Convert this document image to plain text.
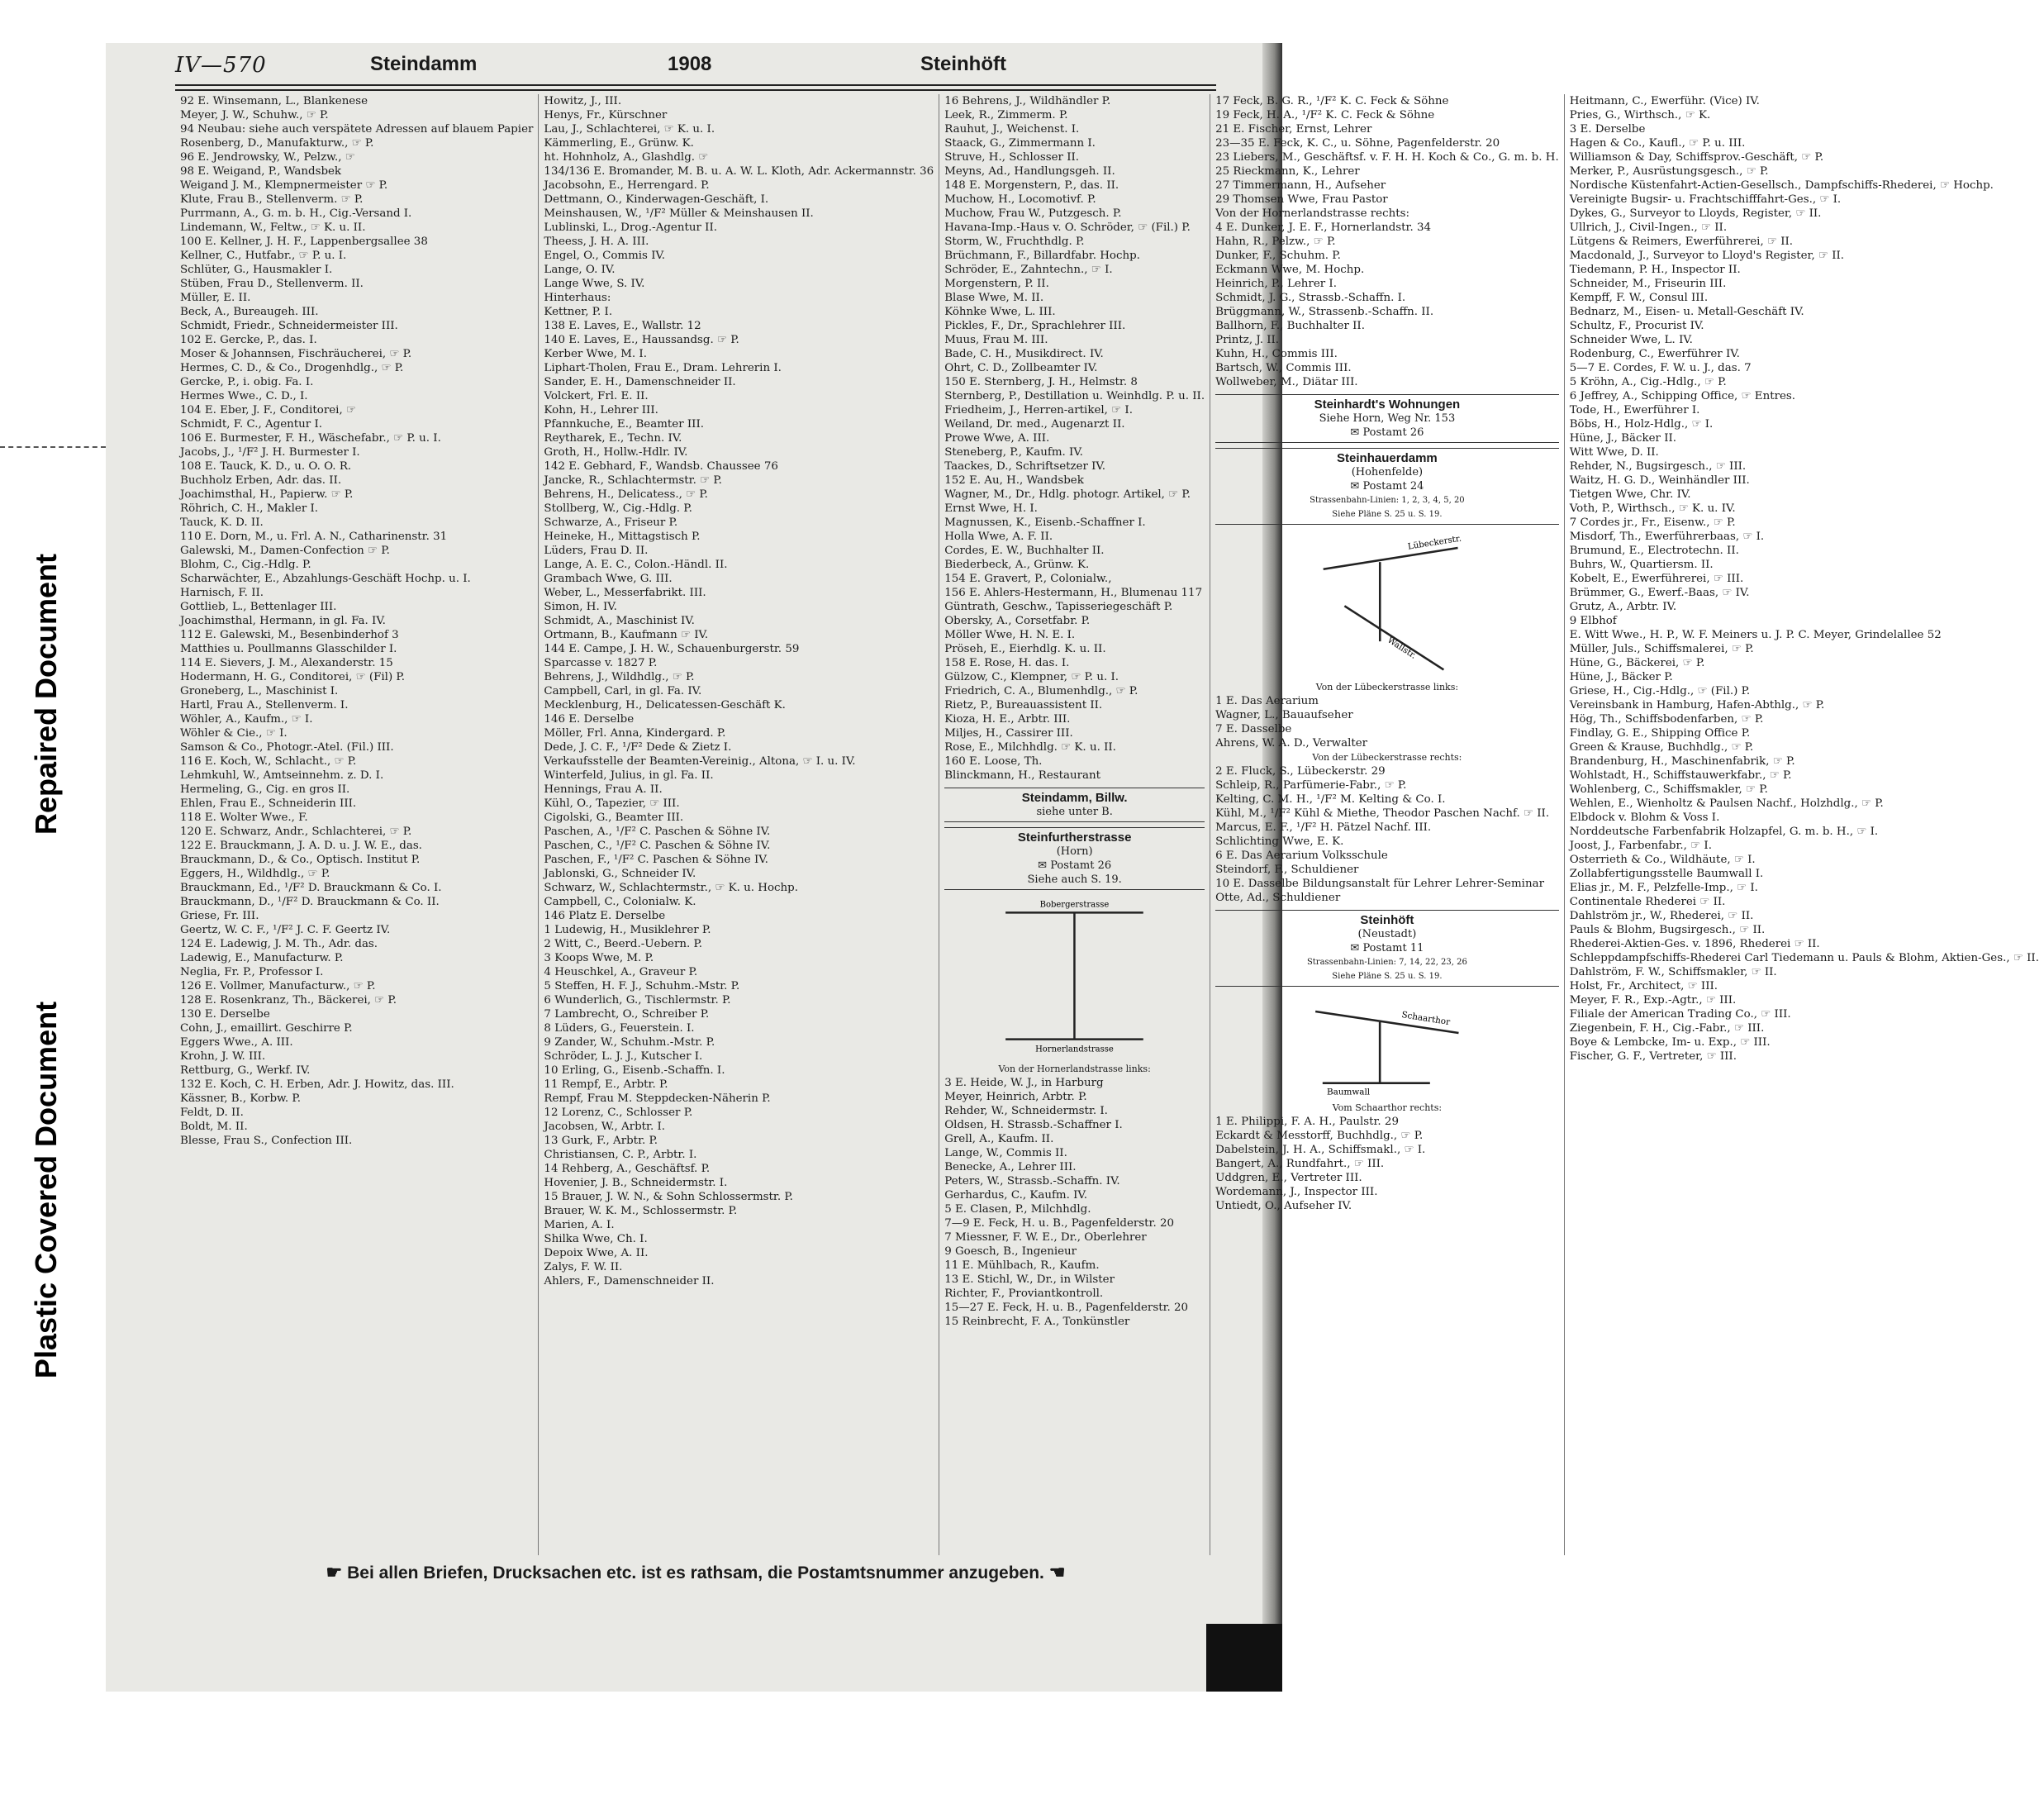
Repaired Document
Plastic Covered Document
IV—570	Steindamm	1908	Steinhöft
92 E. Winsemann, L., Blankenese
Meyer, J. W., Schuhw., ☞ P.
94 Neubau: siehe auch verspätete Adressen auf blauem Papier
Rosenberg, D., Manufakturw., ☞ P.
96 E. Jendrowsky, W., Pelzw., ☞
98 E. Weigand, P., Wandsbek
Weigand J. M., Klempnermeister ☞ P.
Klute, Frau B., Stellenverm. ☞ P.
Purrmann, A., G. m. b. H., Cig.-Versand I.
Lindemann, W., Feltw., ☞ K. u. II.
100 E. Kellner, J. H. F., Lappenbergsallee 38
Kellner, C., Hutfabr., ☞ P. u. I.
Schlüter, G., Hausmakler I.
Stüben, Frau D., Stellenverm. II.
Müller, E. II.
Beck, A., Bureaugeh. III.
Schmidt, Friedr., Schneidermeister III.
102 E. Gercke, P., das. I.
Moser & Johannsen, Fischräucherei, ☞ P.
Hermes, C. D., & Co., Drogenhdlg., ☞ P.
Gercke, P., i. obig. Fa. I.
Hermes Wwe., C. D., I.
104 E. Eber, J. F., Conditorei, ☞
Schmidt, F. C., Agentur I.
106 E. Burmester, F. H., Wäschefabr., ☞ P. u. I.
Jacobs, J., ¹/F² J. H. Burmester I.
108 E. Tauck, K. D., u. O. O. R.
Buchholz Erben, Adr. das. II.
Joachimsthal, H., Papierw. ☞ P.
Röhrich, C. H., Makler I.
Tauck, K. D. II.
110 E. Dorn, M., u. Frl. A. N., Catharinenstr. 31
Galewski, M., Damen-Confection ☞ P.
Blohm, C., Cig.-Hdlg. P.
Scharwächter, E., Abzahlungs-Geschäft Hochp. u. I.
Harnisch, F. II.
Gottlieb, L., Bettenlager III.
Joachimsthal, Hermann, in gl. Fa. IV.
112 E. Galewski, M., Besenbinderhof 3
Matthies u. Poullmanns Glasschilder I.
114 E. Sievers, J. M., Alexanderstr. 15
Hodermann, H. G., Conditorei, ☞ (Fil) P.
Groneberg, L., Maschinist I.
Hartl, Frau A., Stellenverm. I.
Wöhler, A., Kaufm., ☞ I.
Wöhler & Cie., ☞ I.
Samson & Co., Photogr.-Atel. (Fil.) III.
116 E. Koch, W., Schlacht., ☞ P.
Lehmkuhl, W., Amtseinnehm. z. D. I.
Hermeling, G., Cig. en gros II.
Ehlen, Frau E., Schneiderin III.
118 E. Wolter Wwe., F.
120 E. Schwarz, Andr., Schlachterei, ☞ P.
122 E. Brauckmann, J. A. D. u. J. W. E., das.
Brauckmann, D., & Co., Optisch. Institut P.
Eggers, H., Wildhdlg., ☞ P.
Brauckmann, Ed., ¹/F² D. Brauckmann & Co. I.
Brauckmann, D., ¹/F² D. Brauckmann & Co. II.
Griese, Fr. III.
Geertz, W. C. F., ¹/F² J. C. F. Geertz IV.
124 E. Ladewig, J. M. Th., Adr. das.
Ladewig, E., Manufacturw. P.
Neglia, Fr. P., Professor I.
126 E. Vollmer, Manufacturw., ☞ P.
128 E. Rosenkranz, Th., Bäckerei, ☞ P.
130 E. Derselbe
Cohn, J., emaillirt. Geschirre P.
Eggers Wwe., A. III.
Krohn, J. W. III.
Rettburg, G., Werkf. IV.
132 E. Koch, C. H. Erben, Adr. J. Howitz, das. III.
Kässner, B., Korbw. P.
Feldt, D. II.
Boldt, M. II.
Blesse, Frau S., Confection III.
Howitz, J., III.
Henys, Fr., Kürschner
Lau, J., Schlachterei, ☞ K. u. I.
Kämmerling, E., Grünw. K.
ht. Hohnholz, A., Glashdlg. ☞
134/136 E. Bromander, M. B. u. A. W. L. Kloth, Adr. Ackermannstr. 36
Jacobsohn, E., Herrengard. P.
Dettmann, O., Kinderwagen-Geschäft, I.
Meinshausen, W., ¹/F² Müller & Meinshausen II.
Lublinski, L., Drog.-Agentur II.
Theess, J. H. A. III.
Engel, O., Commis IV.
Lange, O. IV.
Lange Wwe, S. IV.
Hinterhaus:
Kettner, P. I.
138 E. Laves, E., Wallstr. 12
140 E. Laves, E., Haussandsg. ☞ P.
Kerber Wwe, M. I.
Liphart-Tholen, Frau E., Dram. Lehrerin I.
Sander, E. H., Damenschneider II.
Volckert, Frl. E. II.
Kohn, H., Lehrer III.
Pfannkuche, E., Beamter III.
Reytharek, E., Techn. IV.
Groth, H., Hollw.-Hdlr. IV.
142 E. Gebhard, F., Wandsb. Chaussee 76
Jancke, R., Schlachtermstr. ☞ P.
Behrens, H., Delicatess., ☞ P.
Stollberg, W., Cig.-Hdlg. P.
Schwarze, A., Friseur P.
Heineke, H., Mittagstisch P.
Lüders, Frau D. II.
Lange, A. E. C., Colon.-Händl. II.
Grambach Wwe, G. III.
Weber, L., Messerfabrikt. III.
Simon, H. IV.
Schmidt, A., Maschinist IV.
Ortmann, B., Kaufmann ☞ IV.
144 E. Campe, J. H. W., Schauenburgerstr. 59
Sparcasse v. 1827 P.
Behrens, J., Wildhdlg., ☞ P.
Campbell, Carl, in gl. Fa. IV.
Mecklenburg, H., Delicatessen-Geschäft K.
146 E. Derselbe
Möller, Frl. Anna, Kindergard. P.
Dede, J. C. F., ¹/F² Dede & Zietz I.
Verkaufsstelle der Beamten-Vereinig., Altona, ☞ I. u. IV.
Winterfeld, Julius, in gl. Fa. II.
Hennings, Frau A. II.
Kühl, O., Tapezier, ☞ III.
Cigolski, G., Beamter III.
Paschen, A., ¹/F² C. Paschen & Söhne IV.
Paschen, C., ¹/F² C. Paschen & Söhne IV.
Paschen, F., ¹/F² C. Paschen & Söhne IV.
Jablonski, G., Schneider IV.
Schwarz, W., Schlachtermstr., ☞ K. u. Hochp.
Campbell, C., Colonialw. K.
146 Platz E. Derselbe
1 Ludewig, H., Musiklehrer P.
2 Witt, C., Beerd.-Uebern. P.
3 Koops Wwe, M. P.
4 Heuschkel, A., Graveur P.
5 Steffen, H. F. J., Schuhm.-Mstr. P.
6 Wunderlich, G., Tischlermstr. P.
7 Lambrecht, O., Schreiber P.
8 Lüders, G., Feuerstein. I.
9 Zander, W., Schuhm.-Mstr. P.
Schröder, L. J. J., Kutscher I.
10 Erling, G., Eisenb.-Schaffn. I.
11 Rempf, E., Arbtr. P.
Rempf, Frau M. Steppdecken-Näherin P.
12 Lorenz, C., Schlosser P.
Jacobsen, W., Arbtr. I.
13 Gurk, F., Arbtr. P.
Christiansen, C. P., Arbtr. I.
14 Rehberg, A., Geschäftsf. P.
Hovenier, J. B., Schneidermstr. I.
15 Brauer, J. W. N., & Sohn Schlossermstr. P.
Brauer, W. K. M., Schlossermstr. P.
Marien, A. I.
Shilka Wwe, Ch. I.
Depoix Wwe, A. II.
Zalys, F. W. II.
Ahlers, F., Damenschneider II.
16 Behrens, J., Wildhändler P.
Leek, R., Zimmerm. P.
Rauhut, J., Weichenst. I.
Staack, G., Zimmermann I.
Struve, H., Schlosser II.
Meyns, Ad., Handlungsgeh. II.
148 E. Morgenstern, P., das. II.
Muchow, H., Locomotivf. P.
Muchow, Frau W., Putzgesch. P.
Havana-Imp.-Haus v. O. Schröder, ☞ (Fil.) P.
Storm, W., Fruchthdlg. P.
Brüchmann, F., Billardfabr. Hochp.
Schröder, E., Zahntechn., ☞ I.
Morgenstern, P. II.
Blase Wwe, M. II.
Köhnke Wwe, L. III.
Pickles, F., Dr., Sprachlehrer III.
Muus, Frau M. III.
Bade, C. H., Musikdirect. IV.
Ohrt, C. D., Zollbeamter IV.
150 E. Sternberg, J. H., Helmstr. 8
Sternberg, P., Destillation u. Weinhdlg. P. u. II.
Friedheim, J., Herren-artikel, ☞ I.
Weiland, Dr. med., Augenarzt II.
Prowe Wwe, A. III.
Steneberg, P., Kaufm. IV.
Taackes, D., Schriftsetzer IV.
152 E. Au, H., Wandsbek
Wagner, M., Dr., Hdlg. photogr. Artikel, ☞ P.
Ernst Wwe, H. I.
Magnussen, K., Eisenb.-Schaffner I.
Holla Wwe, A. F. II.
Cordes, E. W., Buchhalter II.
Biederbeck, A., Grünw. K.
154 E. Gravert, P., Colonialw.,
156 E. Ahlers-Hestermann, H., Blumenau 117
Güntrath, Geschw., Tapisseriegeschäft P.
Obersky, A., Corsetfabr. P.
Möller Wwe, H. N. E. I.
Pröseh, E., Eierhdlg. K. u. II.
158 E. Rose, H. das. I.
Gülzow, C., Klempner, ☞ P. u. I.
Friedrich, C. A., Blumenhdlg., ☞ P.
Rietz, P., Bureauassistent II.
Kioza, H. E., Arbtr. III.
Miljes, H., Cassirer III.
Rose, E., Milchhdlg. ☞ K. u. II.
160 E. Loose, Th.
Blinckmann, H., Restaurant
Steindamm, Billw.
siehe unter B.
Steinfurtherstrasse
(Horn)
✉ Postamt 26
Siehe auch S. 19.
Bobergerstrasse
Hornerlandstrasse
Von der Hornerlandstrasse links:
3 E. Heide, W. J., in Harburg
Meyer, Heinrich, Arbtr. P.
Rehder, W., Schneidermstr. I.
Oldsen, H. Strassb.-Schaffner I.
Grell, A., Kaufm. II.
Lange, W., Commis II.
Benecke, A., Lehrer III.
Peters, W., Strassb.-Schaffn. IV.
Gerhardus, C., Kaufm. IV.
5 E. Clasen, P., Milchhdlg.
7—9 E. Feck, H. u. B., Pagenfelderstr. 20
7 Miessner, F. W. E., Dr., Oberlehrer
9 Goesch, B., Ingenieur
11 E. Mühlbach, R., Kaufm.
13 E. Stichl, W., Dr., in Wilster
Richter, F., Proviantkontroll.
15—27 E. Feck, H. u. B., Pagenfelderstr. 20
15 Reinbrecht, F. A., Tonkünstler
17 Feck, B. G. R., ¹/F² K. C. Feck & Söhne
19 Feck, H. A., ¹/F² K. C. Feck & Söhne
21 E. Fischer, Ernst, Lehrer
23—35 E. Feck, K. C., u. Söhne, Pagenfelderstr. 20
23 Liebers, M., Geschäftsf. v. F. H. H. Koch & Co., G. m. b. H.
25 Rieckmann, K., Lehrer
27 Timmermann, H., Aufseher
29 Thomsen Wwe, Frau Pastor
Von der Hornerlandstrasse rechts:
4 E. Dunker, J. E. F., Hornerlandstr. 34
Hahn, R., Pelzw., ☞ P.
Dunker, F., Schuhm. P.
Eckmann Wwe, M. Hochp.
Heinrich, P., Lehrer I.
Schmidt, J. G., Strassb.-Schaffn. I.
Brüggmann, W., Strassenb.-Schaffn. II.
Ballhorn, F., Buchhalter II.
Printz, J. II.
Kuhn, H., Commis III.
Bartsch, W., Commis III.
Wollweber, M., Diätar III.
Steinhardt's Wohnungen
Siehe Horn, Weg Nr. 153
✉ Postamt 26
Steinhauerdamm
(Hohenfelde)
✉ Postamt 24
Strassenbahn-Linien: 1, 2, 3, 4, 5, 20
Siehe Pläne S. 25 u. S. 19.
Lübeckerstr.
Wallstr.
Von der Lübeckerstrasse links:
1 E. Das Aerarium
Wagner, L., Bauaufseher
7 E. Dasselbe
Ahrens, W. A. D., Verwalter
Von der Lübeckerstrasse rechts:
2 E. Fluck, S., Lübeckerstr. 29
Schleip, R., Parfümerie-Fabr., ☞ P.
Kelting, C. M. H., ¹/F² M. Kelting & Co. I.
Kühl, M., ¹/F² Kühl & Miethe, Theodor Paschen Nachf. ☞ II.
Marcus, E. F., ¹/F² H. Pätzel Nachf. III.
Schlichting Wwe, E. K.
6 E. Das Aerarium Volksschule
Steindorf, F., Schuldiener
10 E. Dasselbe Bildungsanstalt für Lehrer Lehrer-Seminar
Otte, Ad., Schuldiener
Steinhöft
(Neustadt)
✉ Postamt 11
Strassenbahn-Linien: 7, 14, 22, 23, 26
Siehe Pläne S. 25 u. S. 19.
Schaarthor
Baumwall
Vom Schaarthor rechts:
1 E. Philippi, F. A. H., Paulstr. 29
Eckardt & Messtorff, Buchhdlg., ☞ P.
Dabelstein, J. H. A., Schiffsmakl., ☞ I.
Bangert, A., Rundfahrt., ☞ III.
Uddgren, E., Vertreter III.
Wordemann, J., Inspector III.
Untiedt, O., Aufseher IV.
Heitmann, C., Ewerführ. (Vice) IV.
Pries, G., Wirthsch., ☞ K.
3 E. Derselbe
Hagen & Co., Kaufl., ☞ P. u. III.
Williamson & Day, Schiffsprov.-Geschäft, ☞ P.
Merker, P., Ausrüstungsgesch., ☞ P.
Nordische Küstenfahrt-Actien-Gesellsch., Dampfschiffs-Rhederei, ☞ Hochp.
Vereinigte Bugsir- u. Frachtschifffahrt-Ges., ☞ I.
Dykes, G., Surveyor to Lloyds, Register, ☞ II.
Ullrich, J., Civil-Ingen., ☞ II.
Lütgens & Reimers, Ewerführerei, ☞ II.
Macdonald, J., Surveyor to Lloyd's Register, ☞ II.
Tiedemann, P. H., Inspector II.
Schneider, M., Friseurin III.
Kempff, F. W., Consul III.
Bednarz, M., Eisen- u. Metall-Geschäft IV.
Schultz, F., Procurist IV.
Schneider Wwe, L. IV.
Rodenburg, C., Ewerführer IV.
5—7 E. Cordes, F. W. u. J., das. 7
5 Kröhn, A., Cig.-Hdlg., ☞ P.
6 Jeffrey, A., Schipping Office, ☞ Entres.
Tode, H., Ewerführer I.
Böbs, H., Holz-Hdlg., ☞ I.
Hüne, J., Bäcker II.
Witt Wwe, D. II.
Rehder, N., Bugsirgesch., ☞ III.
Waitz, H. G. D., Weinhändler III.
Tietgen Wwe, Chr. IV.
Voth, P., Wirthsch., ☞ K. u. IV.
7 Cordes jr., Fr., Eisenw., ☞ P.
Misdorf, Th., Ewerführerbaas, ☞ I.
Brumund, E., Electrotechn. II.
Buhrs, W., Quartiersm. II.
Kobelt, E., Ewerführerei, ☞ III.
Brümmer, G., Ewerf.-Baas, ☞ IV.
Grutz, A., Arbtr. IV.
9 Elbhof
E. Witt Wwe., H. P., W. F. Meiners u. J. P. C. Meyer, Grindelallee 52
Müller, Juls., Schiffsmalerei, ☞ P.
Hüne, G., Bäckerei, ☞ P.
Hüne, J., Bäcker P.
Griese, H., Cig.-Hdlg., ☞ (Fil.) P.
Vereinsbank in Hamburg, Hafen-Abthlg., ☞ P.
Hög, Th., Schiffsbodenfarben, ☞ P.
Findlay, G. E., Shipping Office P.
Green & Krause, Buchhdlg., ☞ P.
Brandenburg, H., Maschinenfabrik, ☞ P.
Wohlstadt, H., Schiffstauwerkfabr., ☞ P.
Wohlenberg, C., Schiffsmakler, ☞ P.
Wehlen, E., Wienholtz & Paulsen Nachf., Holzhdlg., ☞ P.
Elbdock v. Blohm & Voss I.
Norddeutsche Farbenfabrik Holzapfel, G. m. b. H., ☞ I.
Joost, J., Farbenfabr., ☞ I.
Osterrieth & Co., Wildhäute, ☞ I.
Zollabfertigungsstelle Baumwall I.
Elias jr., M. F., Pelzfelle-Imp., ☞ I.
Continentale Rhederei ☞ II.
Dahlström jr., W., Rhederei, ☞ II.
Pauls & Blohm, Bugsirgesch., ☞ II.
Rhederei-Aktien-Ges. v. 1896, Rhederei ☞ II.
Schleppdampfschiffs-Rhederei Carl Tiedemann u. Pauls & Blohm, Aktien-Ges., ☞ II.
Dahlström, F. W., Schiffsmakler, ☞ II.
Holst, Fr., Architect, ☞ III.
Meyer, F. R., Exp.-Agtr., ☞ III.
Filiale der American Trading Co., ☞ III.
Ziegenbein, F. H., Cig.-Fabr., ☞ III.
Boye & Lembcke, Im- u. Exp., ☞ III.
Fischer, G. F., Vertreter, ☞ III.
☛ Bei allen Briefen, Drucksachen etc. ist es rathsam, die Postamtsnummer anzugeben. ☚
